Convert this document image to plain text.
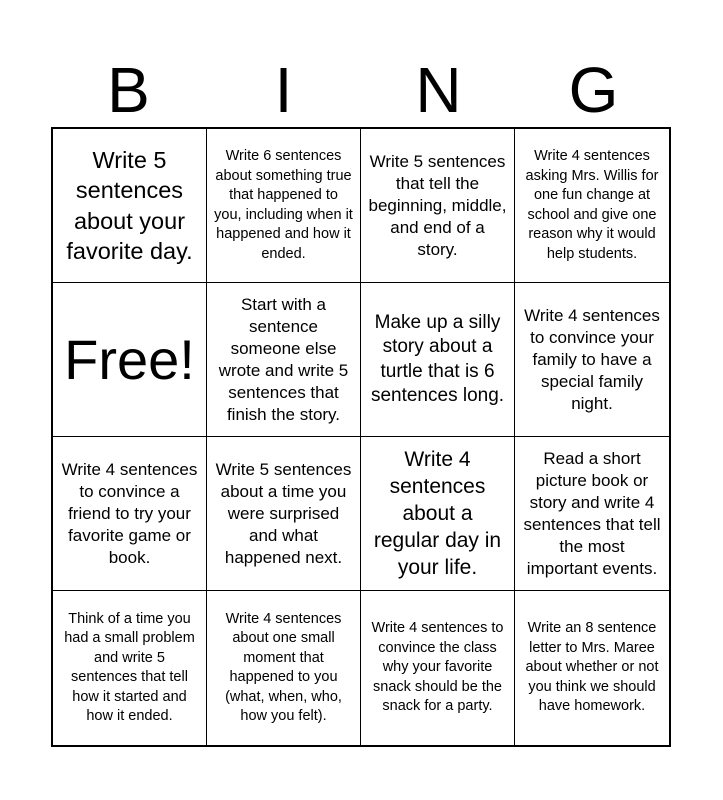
B	I	N	G
Write 5 sentences about your favorite day.
Write 6 sentences about something true that happened to you, including when it happened and how it ended.
Write 5 sentences that tell the beginning, middle, and end of a story.
Write 4 sentences asking Mrs. Willis for one fun change at school and give one reason why it would help students.
Free!
Start with a sentence someone else wrote and write 5 sentences that finish the story.
Make up a silly story about a turtle that is 6 sentences long.
Write 4 sentences to convince your family to have a special family night.
Write 4 sentences to convince a friend to try your favorite game or book.
Write 5 sentences about a time you were surprised and what happened next.
Write 4 sentences about a regular day in your life.
Read a short picture book or story and write 4 sentences that tell the most important events.
Think of a time you had a small problem and write 5 sentences that tell how it started and how it ended.
Write 4 sentences about one small moment that happened to you (what, when, who, how you felt).
Write 4 sentences to convince the class why your favorite snack should be the snack for a party.
Write an 8 sentence letter to Mrs. Maree about whether or not you think we should have homework.
